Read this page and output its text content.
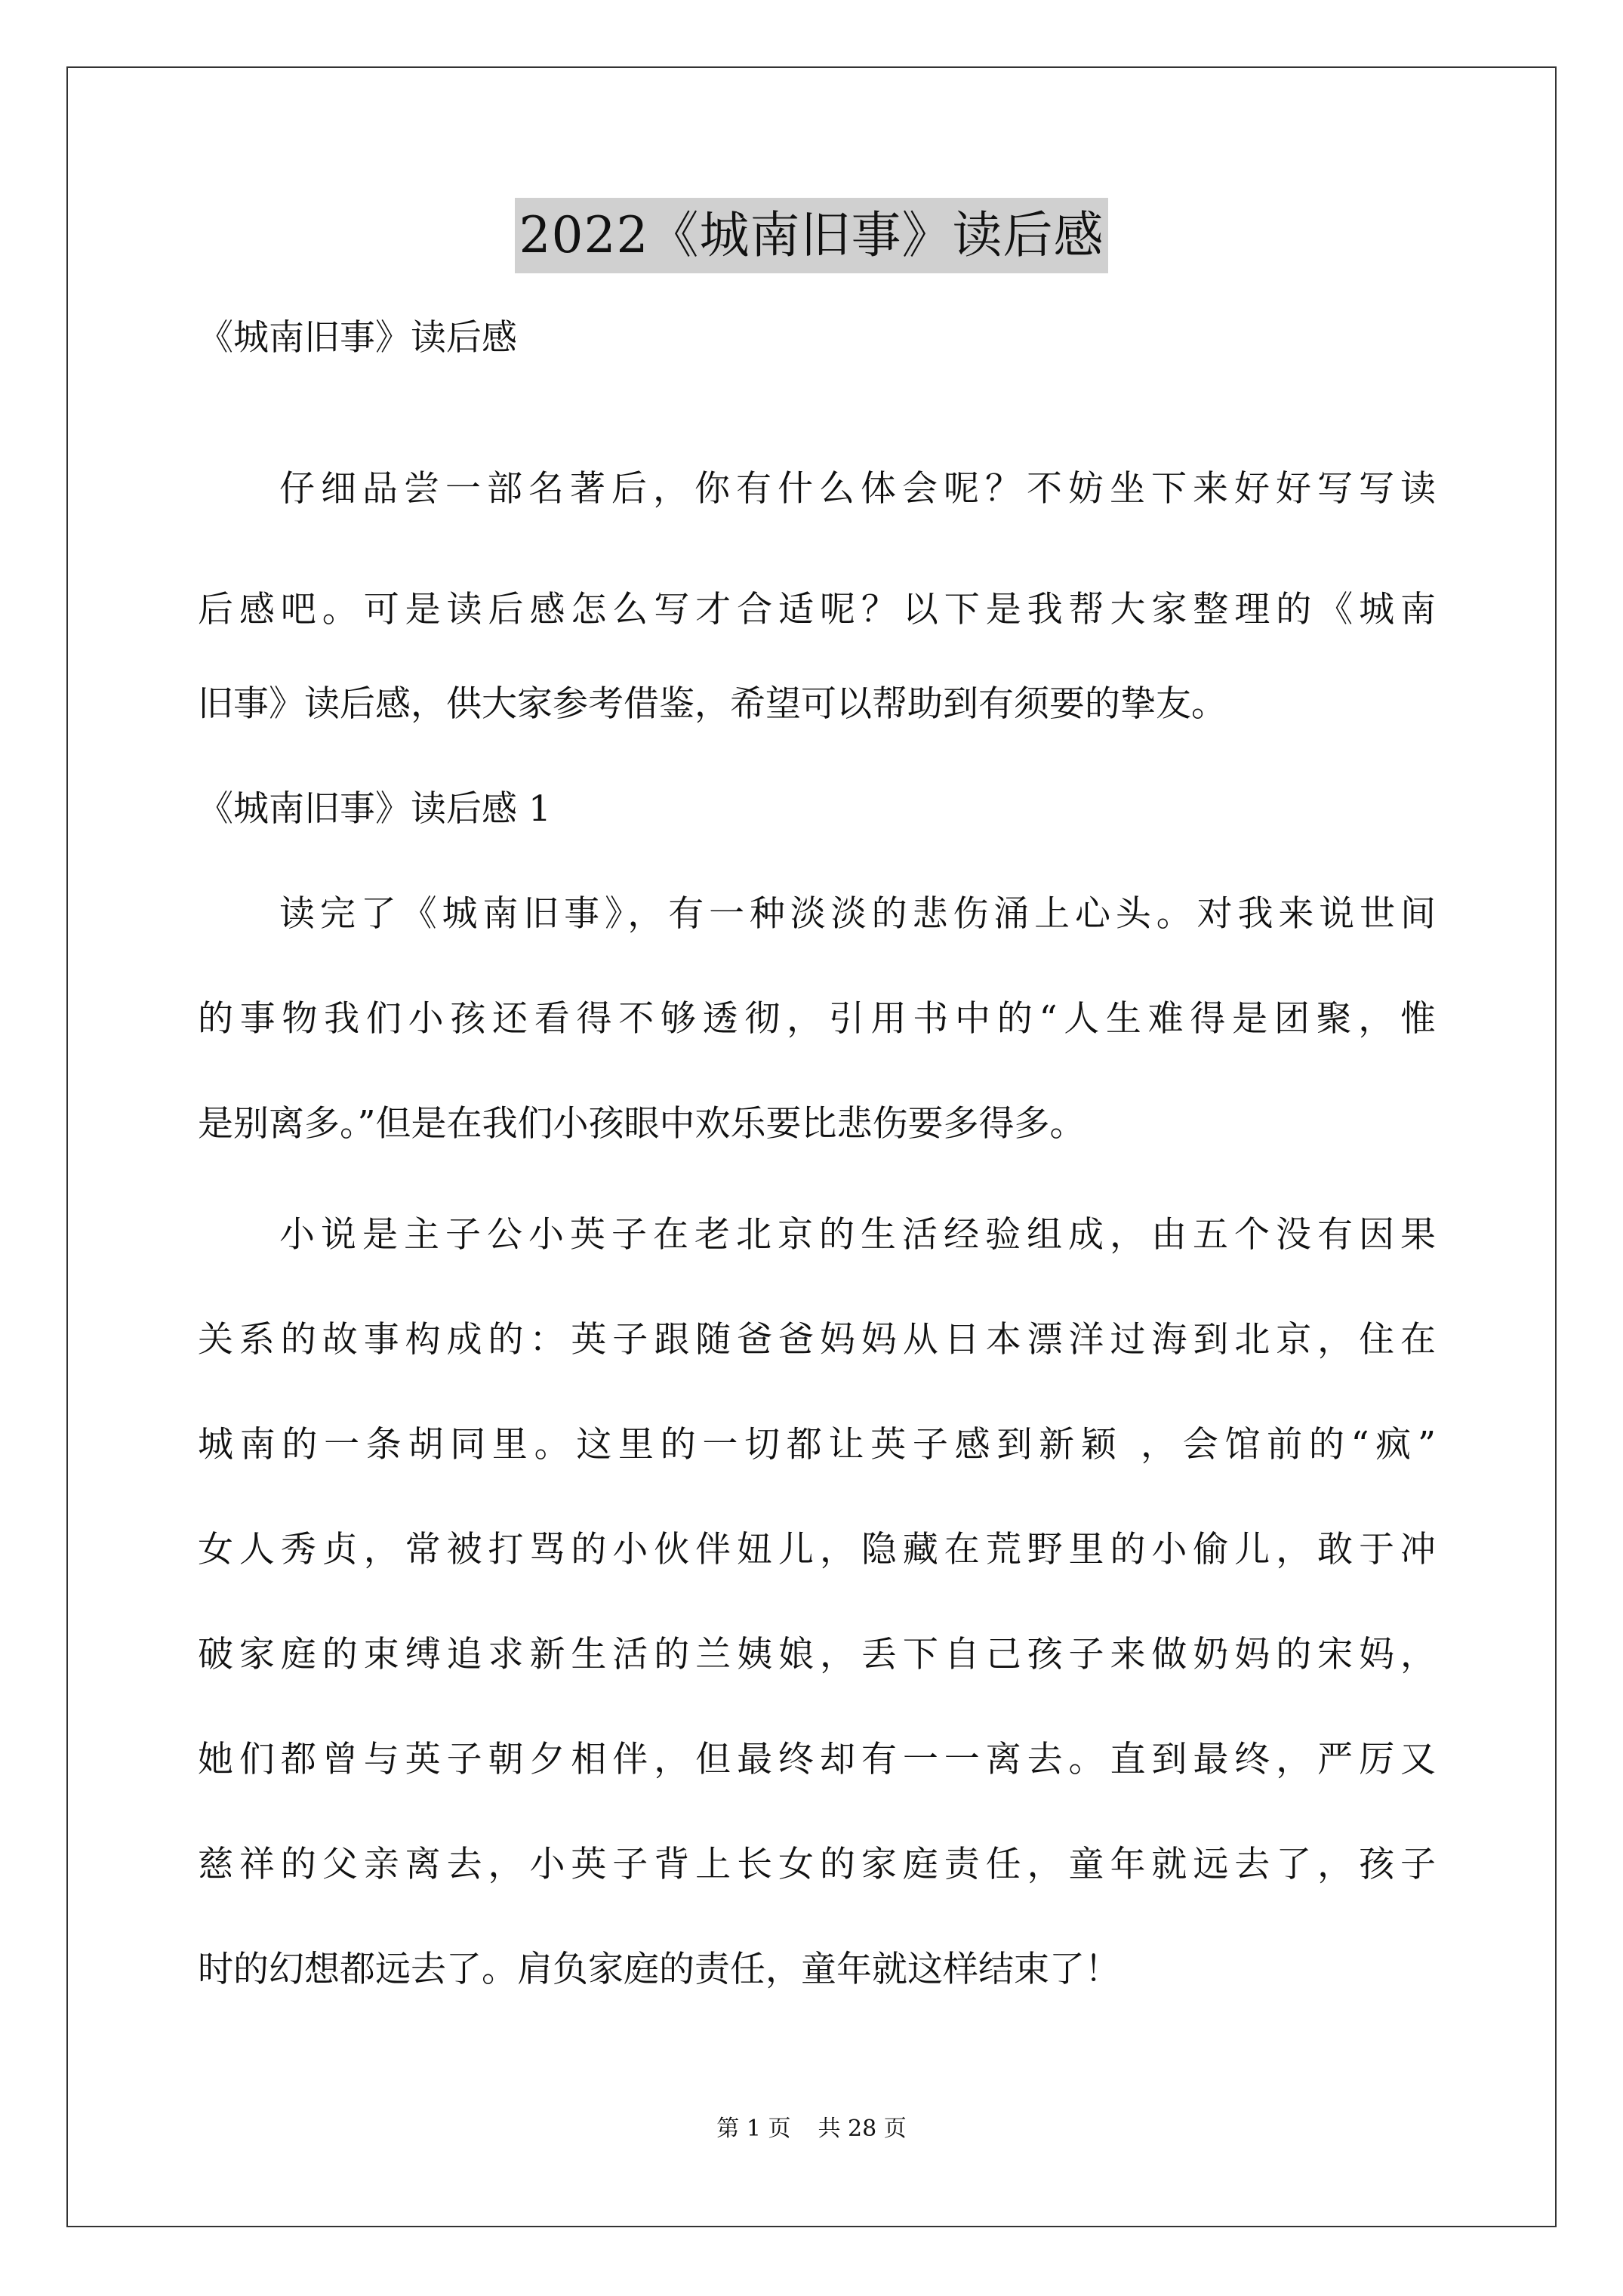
2022《城南旧事》读后感
《城南旧事》读后感
仔细品尝一部名著后，你有什么体会呢？不妨坐下来好好写写读
后感吧。可是读后感怎么写才合适呢？以下是我帮大家整理的《城南
旧事》读后感，供大家参考借鉴，希望可以帮助到有须要的挚友。
《城南旧事》读后感 1
读完了《城南旧事》，有一种淡淡的悲伤涌上心头。对我来说世间
的事物我们小孩还看得不够透彻，引用书中的“人生难得是团聚，惟
是别离多。”但是在我们小孩眼中欢乐要比悲伤要多得多。
小说是主子公小英子在老北京的生活经验组成，由五个没有因果
关系的故事构成的：英子跟随爸爸妈妈从日本漂洋过海到北京，住在
城南的一条胡同里。这里的一切都让英子感到新颖 ，会馆前的“疯”
女人秀贞，常被打骂的小伙伴妞儿，隐藏在荒野里的小偷儿，敢于冲
破家庭的束缚追求新生活的兰姨娘，丢下自己孩子来做奶妈的宋妈，
她们都曾与英子朝夕相伴，但最终却有一一离去。直到最终，严厉又
慈祥的父亲离去，小英子背上长女的家庭责任，童年就远去了，孩子
时的幻想都远去了。肩负家庭的责任，童年就这样结束了！
第 1 页 共 28 页
